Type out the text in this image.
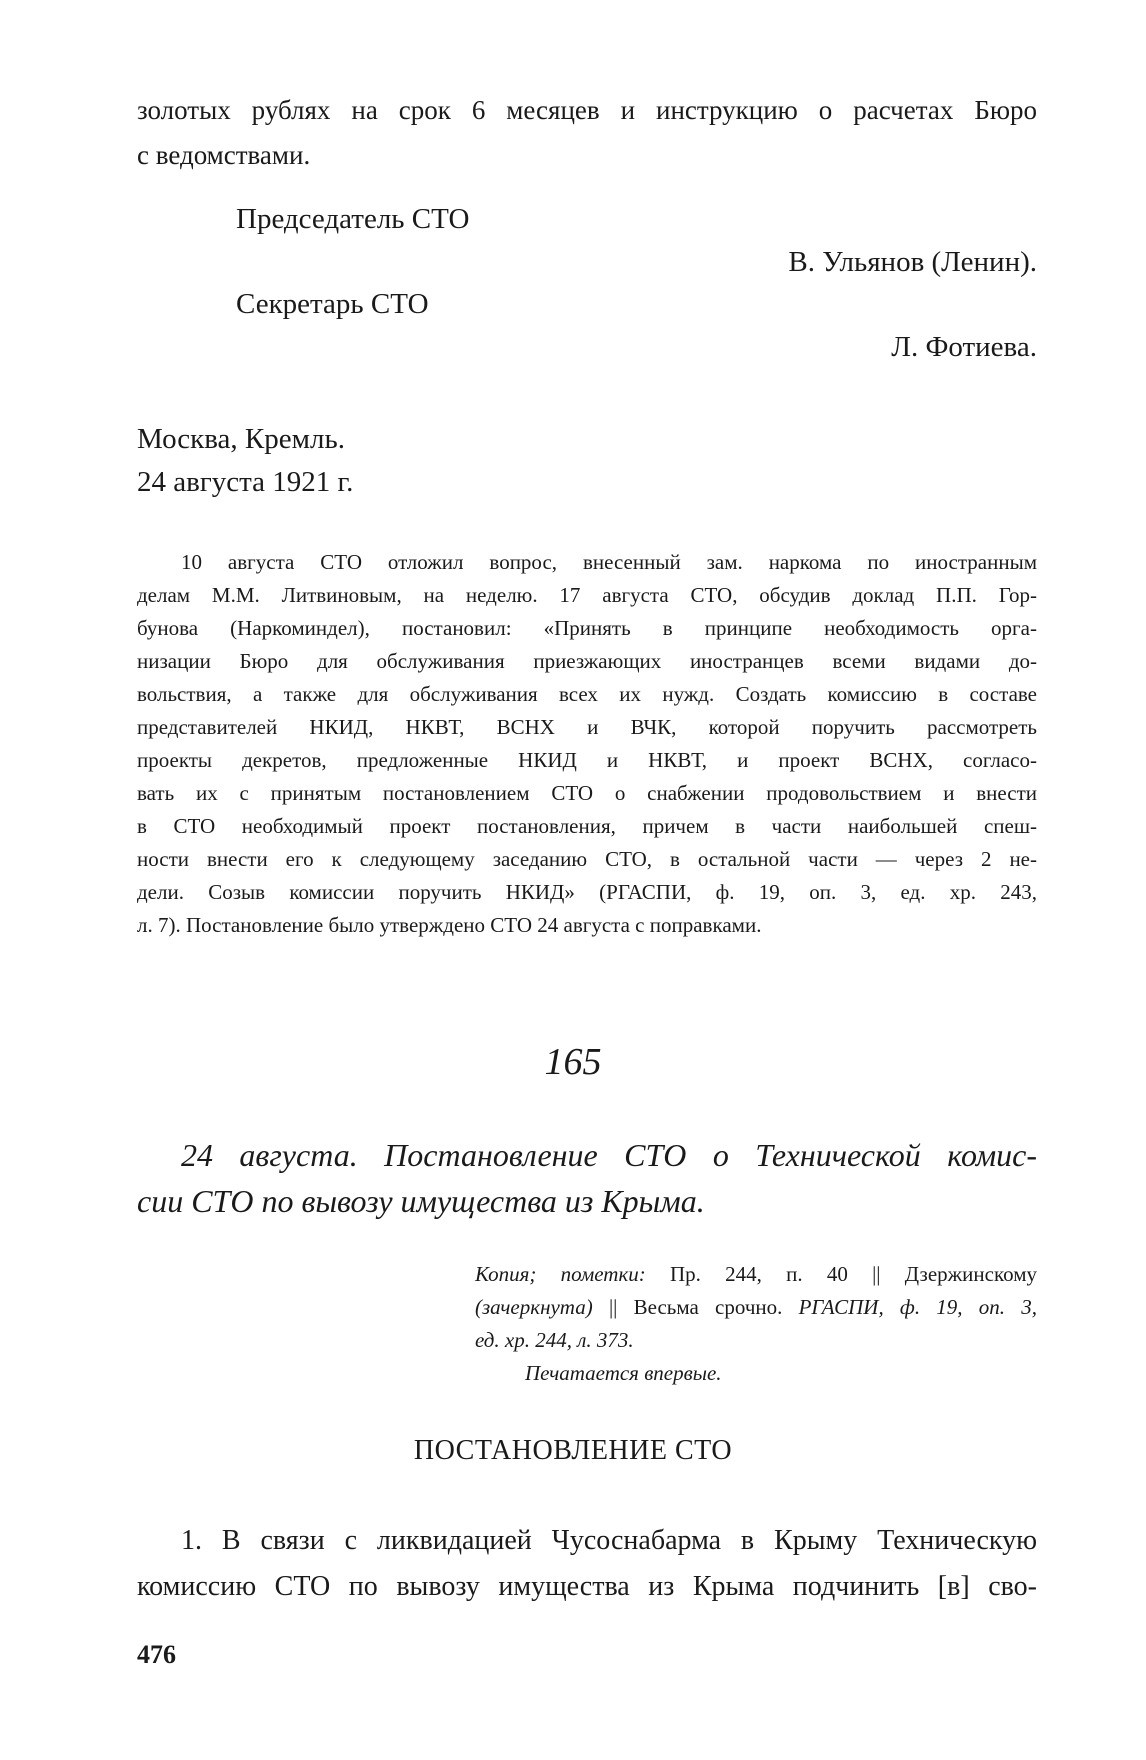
золотых рублях на срок 6 месяцев и инструкцию о расчетах Бюро
с ведомствами.
Председатель СТО
В. Ульянов (Ленин).
Секретарь СТО
Л. Фотиева.
Москва, Кремль.
24 августа 1921 г.
10 августа СТО отложил вопрос, внесенный зам. наркома по иностранным
делам М.М. Литвиновым, на неделю. 17 августа СТО, обсудив доклад П.П. Гор-
бунова (Наркоминдел), постановил: «Принять в принципе необходимость орга-
низации Бюро для обслуживания приезжающих иностранцев всеми видами до-
вольствия, а также для обслуживания всех их нужд. Создать комиссию в составе
представителей НКИД, НКВТ, ВСНХ и ВЧК, которой поручить рассмотреть
проекты декретов, предложенные НКИД и НКВТ, и проект ВСНХ, согласо-
вать их с принятым постановлением СТО о снабжении продовольствием и внести
в СТО необходимый проект постановления, причем в части наибольшей спеш-
ности внести его к следующему заседанию СТО, в остальной части — через 2 не-
дели. Созыв комиссии поручить НКИД» (РГАСПИ, ф. 19, оп. 3, ед. хр. 243,
л. 7). Постановление было утверждено СТО 24 августа с поправками.
165
24 августа. Постановление СТО о Технической комис-
сии СТО по вывозу имущества из Крыма.
Копия; пометки: Пр. 244, п. 40 || Дзержинскому
(зачеркнута) || Весьма срочно. РГАСПИ, ф. 19, оп. 3,
ед. хр. 244, л. 373.
Печатается впервые.
ПОСТАНОВЛЕНИЕ СТО
1. В связи с ликвидацией Чусоснабарма в Крыму Техническую
комиссию СТО по вывозу имущества из Крыма подчинить [в] сво-
476
